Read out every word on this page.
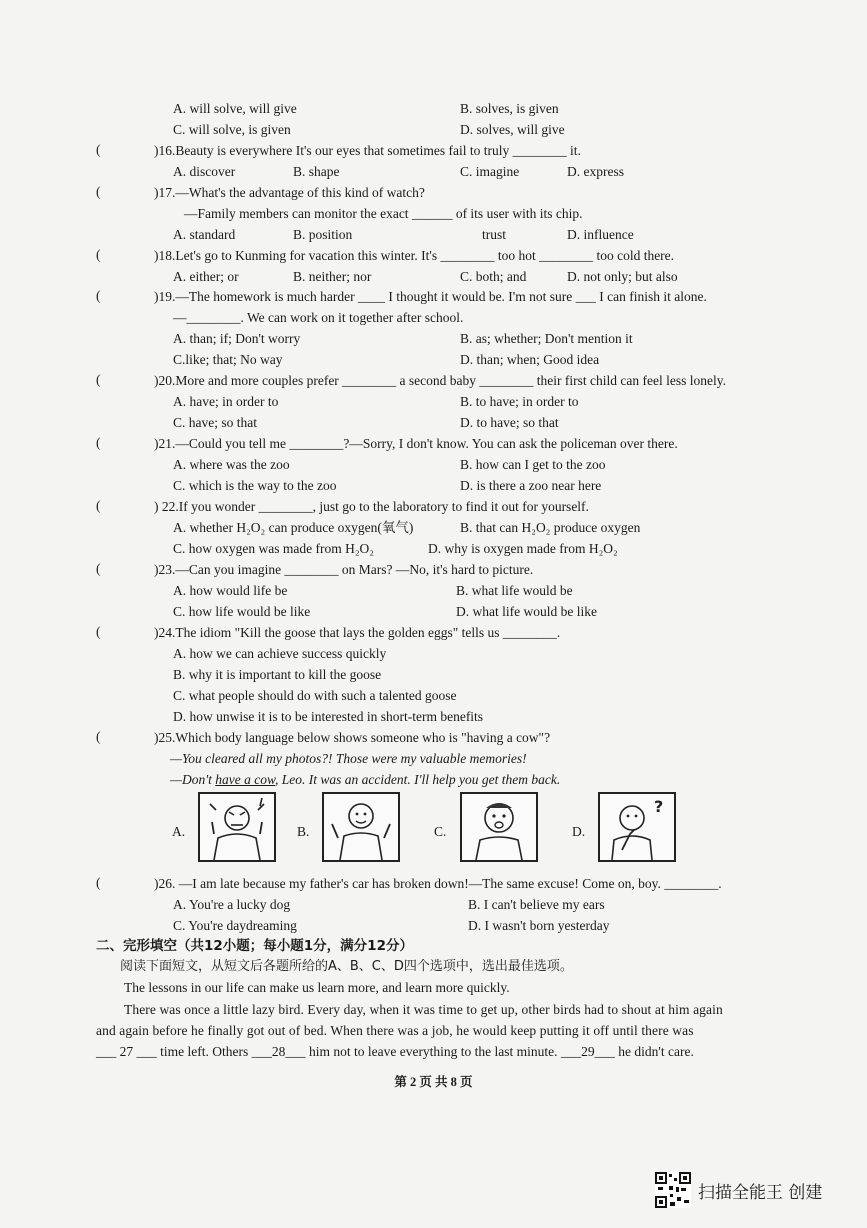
A. will solve, will give	B. solves, is given
C. will solve, is given	D. solves, will give
)16.Beauty is everywhere It's our eyes that sometimes fail to truly ________ it.
A. discover	B. shape	C. imagine	D. express
)17.—What's the advantage of this kind of watch?
—Family members can monitor the exact ______ of its user with its chip.
A. standard	B. position	trust	D. influence
)18.Let's go to Kunming for vacation this winter. It's ________ too hot ________ too cold there.
A. either; or	B. neither; nor	C. both; and	D. not only; but also
)19.—The homework is much harder ____ I thought it would be. I'm not sure ___ I can finish it alone.
—________. We can work on it together after school.
A. than; if; Don't worry	B. as; whether; Don't mention it
C.like; that; No way	D. than; when; Good idea
)20.More and more couples prefer ________ a second baby ________ their first child can feel less lonely.
A. have; in order to	B. to have; in order to
C. have; so that	D. to have; so that
)21.—Could you tell me ________?—Sorry, I don't know. You can ask the policeman over there.
A. where was the zoo	B. how can I get to the zoo
C. which is the way to the zoo	D. is there a zoo near here
) 22.If you wonder ________, just go to the laboratory to find it out for yourself.
A. whether H₂O₂ can produce oxygen(氧气)	B. that can H₂O₂ produce oxygen
C. how oxygen was made from H₂O₂	D. why is oxygen made from H₂O₂
)23.—Can you imagine ________ on Mars? —No, it's hard to picture.
A. how would life be	B. what life would be
C. how life would be like	D. what life would be like
)24.The idiom "Kill the goose that lays the golden eggs" tells us ________.
A. how we can achieve success quickly
B. why it is important to kill the goose
C. what people should do with such a talented goose
D. how unwise it is to be interested in short-term benefits
)25.Which body language below shows someone who is "having a cow"?
(
(
(
(
(
(
(
(
(
(
(
—You cleared all my photos?! Those were my valuable memories!
—Don't have a cow, Leo. It was an accident. I'll help you get them back.
A.	B.	C.	D.
?
)26. —I am late because my father's car has broken down!—The same excuse! Come on, boy. ________.
A. You're a lucky dog	B. I can't believe my ears
C. You're daydreaming	D. I wasn't born yesterday
二、完形填空（共12小题；每小题1分，满分12分）
阅读下面短文，从短文后各题所给的A、B、C、D四个选项中，选出最佳选项。
The lessons in our life can make us learn more, and learn more quickly.
There was once a little lazy bird. Every day, when it was time to get up, other birds had to shout at him again
and again before he finally got out of bed. When there was a job, he would keep putting it off until there was
___ 27 ___ time left. Others ___28___ him not to leave everything to the last minute. ___29___ he didn't care.
第 2 页 共 8 页
扫描全能王 创建
